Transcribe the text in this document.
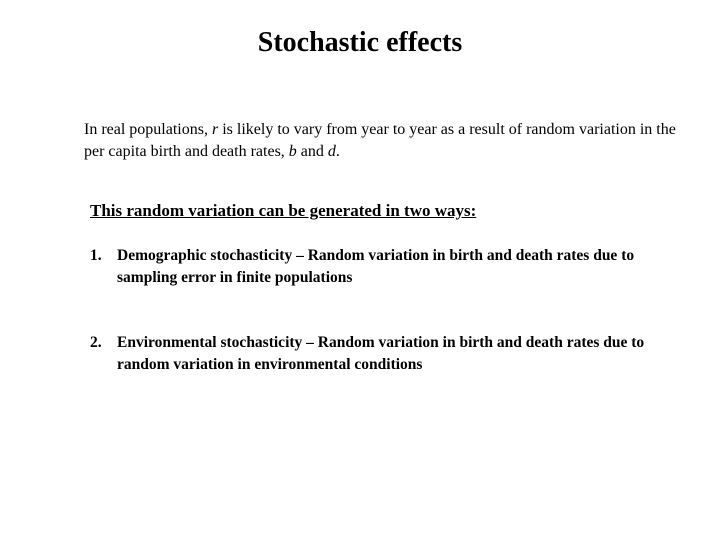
Stochastic effects

In real populations, r is likely to vary from year to year as a result of random variation in the per capita birth and death rates, b and d.

This random variation can be generated in two ways:

1. Demographic stochasticity – Random variation in birth and death rates due to sampling error in finite populations
2. Environmental stochasticity – Random variation in birth and death rates due to random variation in environmental conditions
